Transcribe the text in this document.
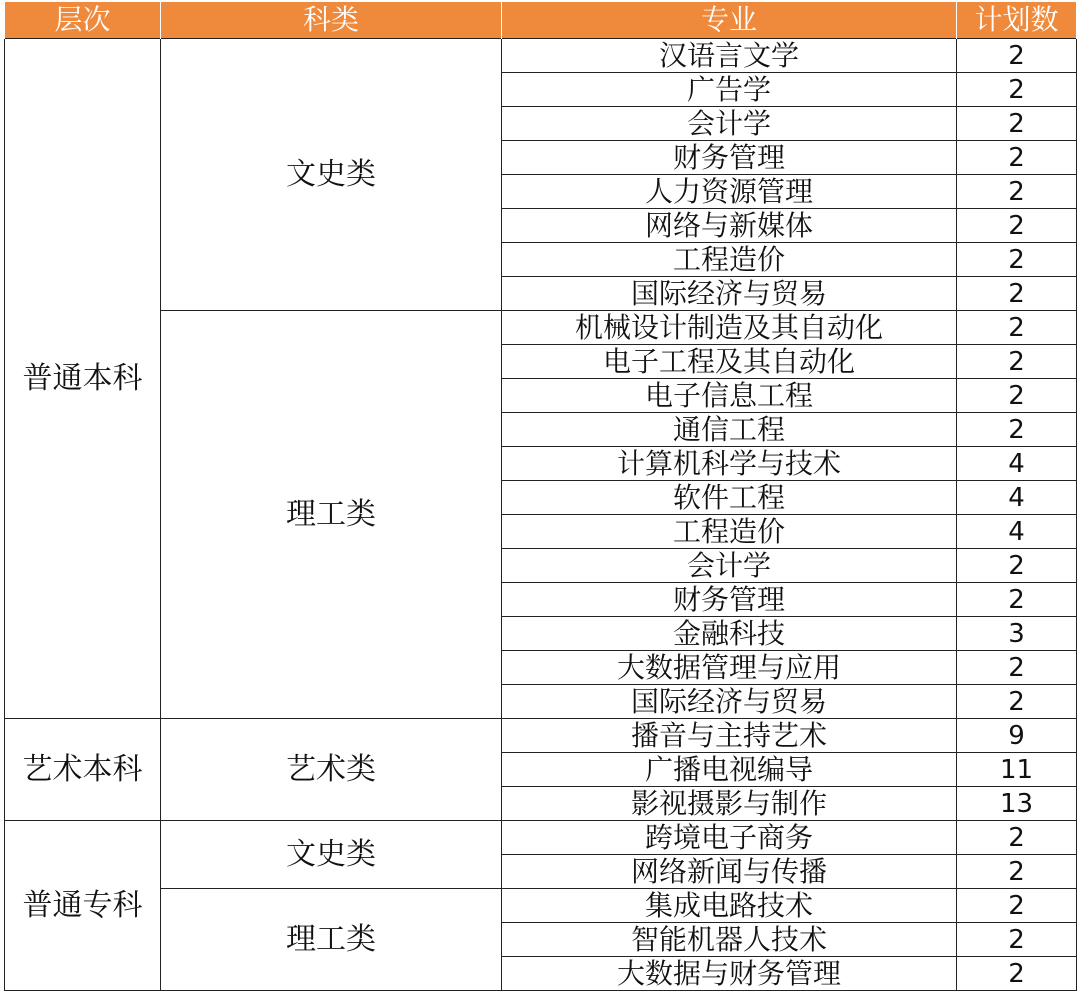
层次	科类	专业	计划数
普通本科	文史类	汉语言文学	2
		广告学	2
		会计学	2
		财务管理	2
		人力资源管理	2
		网络与新媒体	2
		工程造价	2
		国际经济与贸易	2
	理工类	机械设计制造及其自动化	2
		电子工程及其自动化	2
		电子信息工程	2
		通信工程	2
		计算机科学与技术	4
		软件工程	4
		工程造价	4
		会计学	2
		财务管理	2
		金融科技	3
		大数据管理与应用	2
		国际经济与贸易	2
艺术本科	艺术类	播音与主持艺术	9
		广播电视编导	11
		影视摄影与制作	13
普通专科	文史类	跨境电子商务	2
		网络新闻与传播	2
	理工类	集成电路技术	2
		智能机器人技术	2
		大数据与财务管理	2
